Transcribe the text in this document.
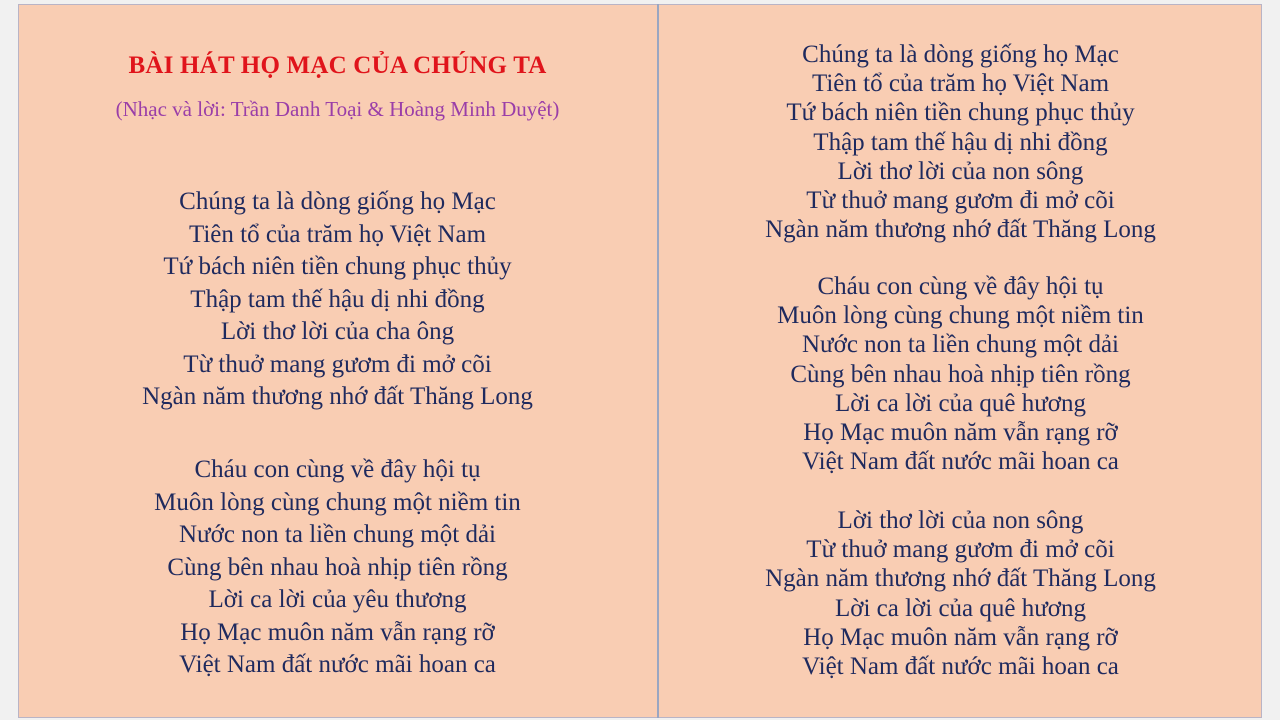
BÀI HÁT HỌ MẠC CỦA CHÚNG TA
(Nhạc và lời: Trần Danh Toại & Hoàng Minh Duyệt)
Chúng ta là dòng giống họ Mạc
Tiên tổ của trăm họ Việt Nam
Tứ bách niên tiền chung phục thủy
Thập tam thế hậu dị nhi đồng
Lời thơ lời của cha ông
Từ thuở mang gươm đi mở cõi
Ngàn năm thương nhớ đất Thăng Long
Cháu con cùng về đây hội tụ
Muôn lòng cùng chung một niềm tin
Nước non ta liền chung một dải
Cùng bên nhau hoà nhịp tiên rồng
Lời ca lời của yêu thương
Họ Mạc muôn năm vẫn rạng rỡ
Việt Nam đất nước mãi hoan ca
Chúng ta là dòng giống họ Mạc
Tiên tổ của trăm họ Việt Nam
Tứ bách niên tiền chung phục thủy
Thập tam thế hậu dị nhi đồng
Lời thơ lời của non sông
Từ thuở mang gươm đi mở cõi
Ngàn năm thương nhớ đất Thăng Long
Cháu con cùng về đây hội tụ
Muôn lòng cùng chung một niềm tin
Nước non ta liền chung một dải
Cùng bên nhau hoà nhịp tiên rồng
Lời ca lời của quê hương
Họ Mạc muôn năm vẫn rạng rỡ
Việt Nam đất nước mãi hoan ca
Lời thơ lời của non sông
Từ thuở mang gươm đi mở cõi
Ngàn năm thương nhớ đất Thăng Long
Lời ca lời của quê hương
Họ Mạc muôn năm vẫn rạng rỡ
Việt Nam đất nước mãi hoan ca
